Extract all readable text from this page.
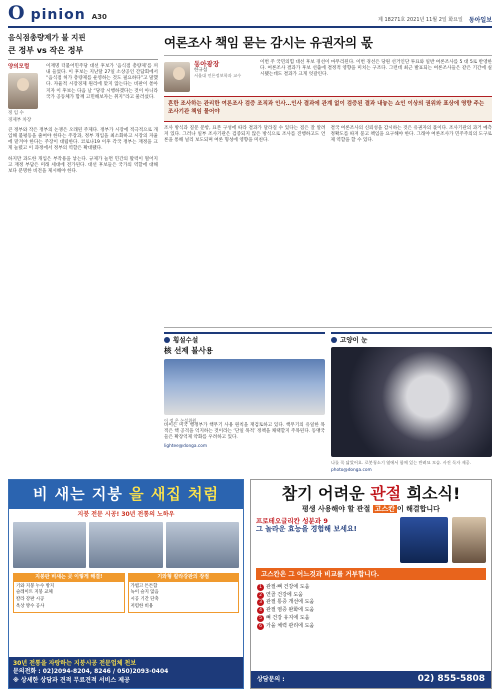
O pinion A30	제 18271호 2021년 11월 2일 화요일 동아일보
음식점총량제가 불 지핀
큰 정부 vs 작은 정부
양의모럴
정 임 수
경제부 차장
이재명 더불어민주당 대선 후보가 ‘음식점 총량제’를 꺼내 들었다. 이 후보는 지난달 27일 소상공인 간담회에서 “음식점 허가 총량제를 운영하는 것도 필요하다”고 말했다. 자율적 시장경제 원리에 맞지 않는다는 비판이 쏟아지자 이 후보는 다음 날 “당장 시행하겠다는 것이 아니라 국가 공동체가 함께 고민해보자는 취지”라고 물러섰다.
큰 정부와 작은 정부의 논쟁은 오래된 주제다. 정부가 시장에 적극적으로 개입해 불평등을 줄여야 한다는 주장과, 정부 개입을 최소화하고 시장의 자율에 맡겨야 한다는 주장이 대립한다. 코로나19 이후 각국 정부는 재정을 크게 늘렸고 이 과정에서 정부의 역할은 확대됐다.
하지만 과도한 개입은 부작용을 낳는다. 규제가 늘면 민간의 활력이 떨어지고 재정 부담은 미래 세대에 전가된다. 대선 후보들은 국가의 역할에 대해 보다 분명한 비전을 제시해야 한다.
여론조사 책임 묻는 감시는 유권자의 몫
동아광장
한규섭
서울대 언론정보학과 교수
이번 주 국민의힘 대선 후보 경선이 마무리된다. 이번 경선은 당원 선거인단 투표와 일반 여론조사를 5 대 5로 반영한다. 여론조사 결과가 후보 선출에 결정적 영향을 미치는 구조다. 그런데 최근 발표되는 여론조사들은 같은 기간에 실시됐는데도 결과가 크게 엇갈린다.
흔한 조사하는 관리한 여론조사 검증 조직과 인사…인사 결과에 관계 없이 검증된 결과 내놓는 쇼인 이상의 권위와 표상에 영향 주는 조사기관 책임 물어야
조사 방식과 질문 문항, 표본 구성에 따라 결과가 달라질 수 있다는 점은 잘 알려져 있다. 그러나 일부 조사기관은 검증되지 않은 방식으로 조사를 진행하고도 언론을 통해 널리 보도되며 여론 형성에 영향을 미친다.
결국 여론조사의 신뢰성을 감시하는 것은 유권자의 몫이다. 조사기관의 과거 예측 정확도를 따져 묻고 책임을 요구해야 한다. 그래야 여론조사가 민주주의의 도구로 제 역할을 할 수 있다.
횡설수설
核 선제 불사용
이 정 은 논설위원
바이든 미국 행정부가 핵무기 사용 원칙을 재검토하고 있다. 핵무기의 유일한 목적은 핵 공격을 억지하는 것이라는 ‘단일 목적’ 정책을 채택할지 주목된다. 동맹국들은 확장억제 약화를 우려하고 있다.
lightee@donga.com
고양이 눈
나를 꼭 닮았어요. 로봇청소기 옆에서 함께 있는 반려묘 모습. 사진 독자 제공.
photo@donga.com
비 새는 지붕 을 새집 처럼
지붕 전문 시공! 30년 전통의 노하우
지붕판 비새는 곳 이렇게 해결!
기와 지붕 누수 방지
슬레이트 지붕 교체
칼라 강판 시공
옥상 방수 공사
기와형 칼라강판의 장점
가볍고 튼튼함
녹이 슬지 않음
시공 기간 단축
저렴한 비용
30년 전통을 자랑하는 지붕시공 전문업체 천보
문의전화 : 02)2094-8204, 8246 / 050)2093-0404
※ 상세한 상담과 견적 무료견적 서비스 제공
참기 어려운 관절 희소식!
평생 사용해야 할 관절 고스칸 이 해결합니다
프로테오글리칸 성분과 9
그 놀라운 효능을 경험해 보세요!
고스칸은 그 어느것과 비교를 거부합니다.
1 관절·뼈 건강에 도움
2 연골 건강에 도움
3 관절 통증 개선에 도움
4 관절 염증 완화에 도움
5 뼈 건강 유지에 도움
6 가을 체력 관리에 도움
상담문의 :	02) 855-5808
